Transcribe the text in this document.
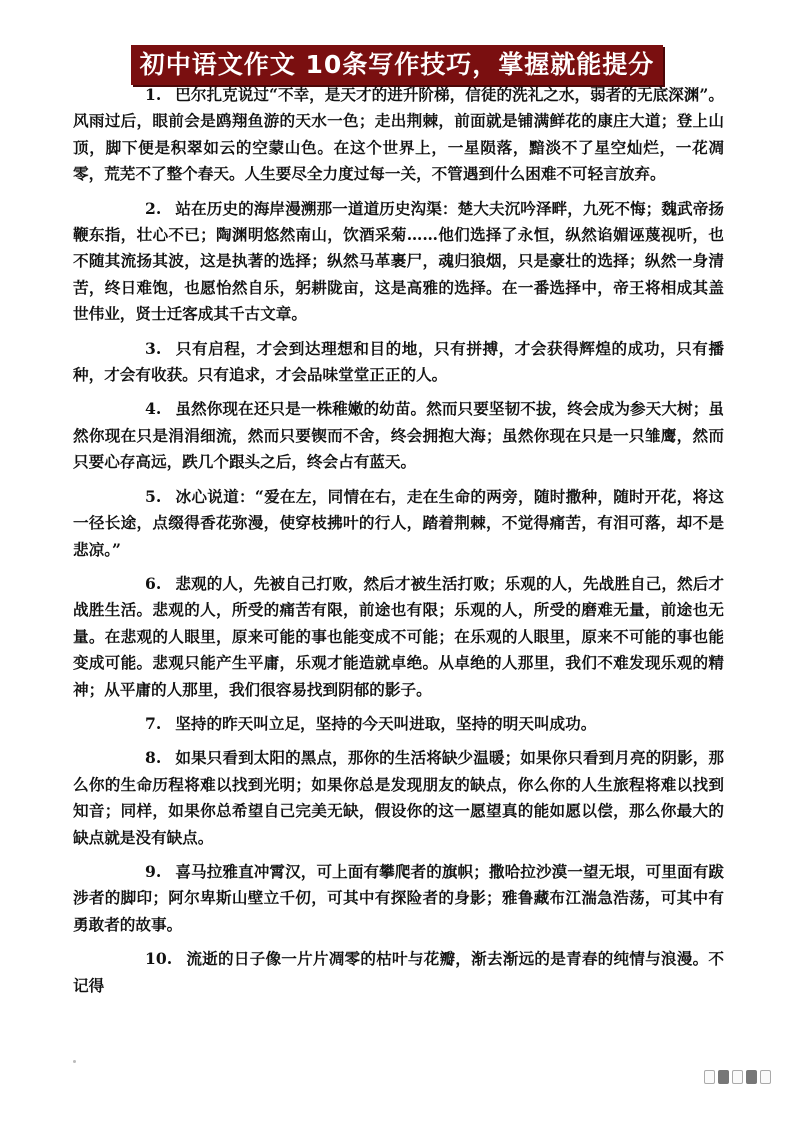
初中语文作文 10条写作技巧，掌握就能提分

1. 巴尔扎克说过“不幸，是天才的进升阶梯，信徒的洗礼之水，弱者的无底深渊”。风雨过后，眼前会是鸥翔鱼游的天水一色；走出荆棘，前面就是铺满鲜花的康庄大道；登上山顶，脚下便是积翠如云的空蒙山色。在这个世界上，一星陨落，黯淡不了星空灿烂，一花凋零，荒芜不了整个春天。人生要尽全力度过每一关，不管遇到什么困难不可轻言放弃。

2. 站在历史的海岸漫溯那一道道历史沟渠：楚大夫沉吟泽畔，九死不悔；魏武帝扬鞭东指，壮心不已；陶渊明悠然南山，饮酒采菊……他们选择了永恒，纵然谄媚诬蔑视听，也不随其流扬其波，这是执著的选择；纵然马革裹尸，魂归狼烟，只是豪壮的选择；纵然一身清苦，终日难饱，也愿怡然自乐，躬耕陇亩，这是高雅的选择。在一番选择中，帝王将相成其盖世伟业，贤士迁客成其千古文章。

3. 只有启程，才会到达理想和目的地，只有拼搏，才会获得辉煌的成功，只有播种，才会有收获。只有追求，才会品味堂堂正正的人。

4. 虽然你现在还只是一株稚嫩的幼苗。然而只要坚韧不拔，终会成为参天大树；虽然你现在只是涓涓细流，然而只要锲而不舍，终会拥抱大海；虽然你现在只是一只雏鹰，然而只要心存高远，跌几个跟头之后，终会占有蓝天。

5. 冰心说道：“爱在左，同情在右，走在生命的两旁，随时撒种，随时开花，将这一径长途，点缀得香花弥漫，使穿枝拂叶的行人，踏着荆棘，不觉得痛苦，有泪可落，却不是悲凉。”

6. 悲观的人，先被自己打败，然后才被生活打败；乐观的人，先战胜自己，然后才战胜生活。悲观的人，所受的痛苦有限，前途也有限；乐观的人，所受的磨难无量，前途也无量。在悲观的人眼里，原来可能的事也能变成不可能；在乐观的人眼里，原来不可能的事也能变成可能。悲观只能产生平庸，乐观才能造就卓绝。从卓绝的人那里，我们不难发现乐观的精神；从平庸的人那里，我们很容易找到阴郁的影子。

7. 坚持的昨天叫立足，坚持的今天叫进取，坚持的明天叫成功。

8. 如果只看到太阳的黑点，那你的生活将缺少温暖；如果你只看到月亮的阴影，那么你的生命历程将难以找到光明；如果你总是发现朋友的缺点，你么你的人生旅程将难以找到知音；同样，如果你总希望自己完美无缺，假设你的这一愿望真的能如愿以偿，那么你最大的缺点就是没有缺点。

9. 喜马拉雅直冲霄汉，可上面有攀爬者的旗帜；撒哈拉沙漠一望无垠，可里面有跋涉者的脚印；阿尔卑斯山壁立千仞，可其中有探险者的身影；雅鲁藏布江湍急浩荡，可其中有勇敢者的故事。

10. 流逝的日子像一片片凋零的枯叶与花瓣，渐去渐远的是青春的纯情与浪漫。不记得
